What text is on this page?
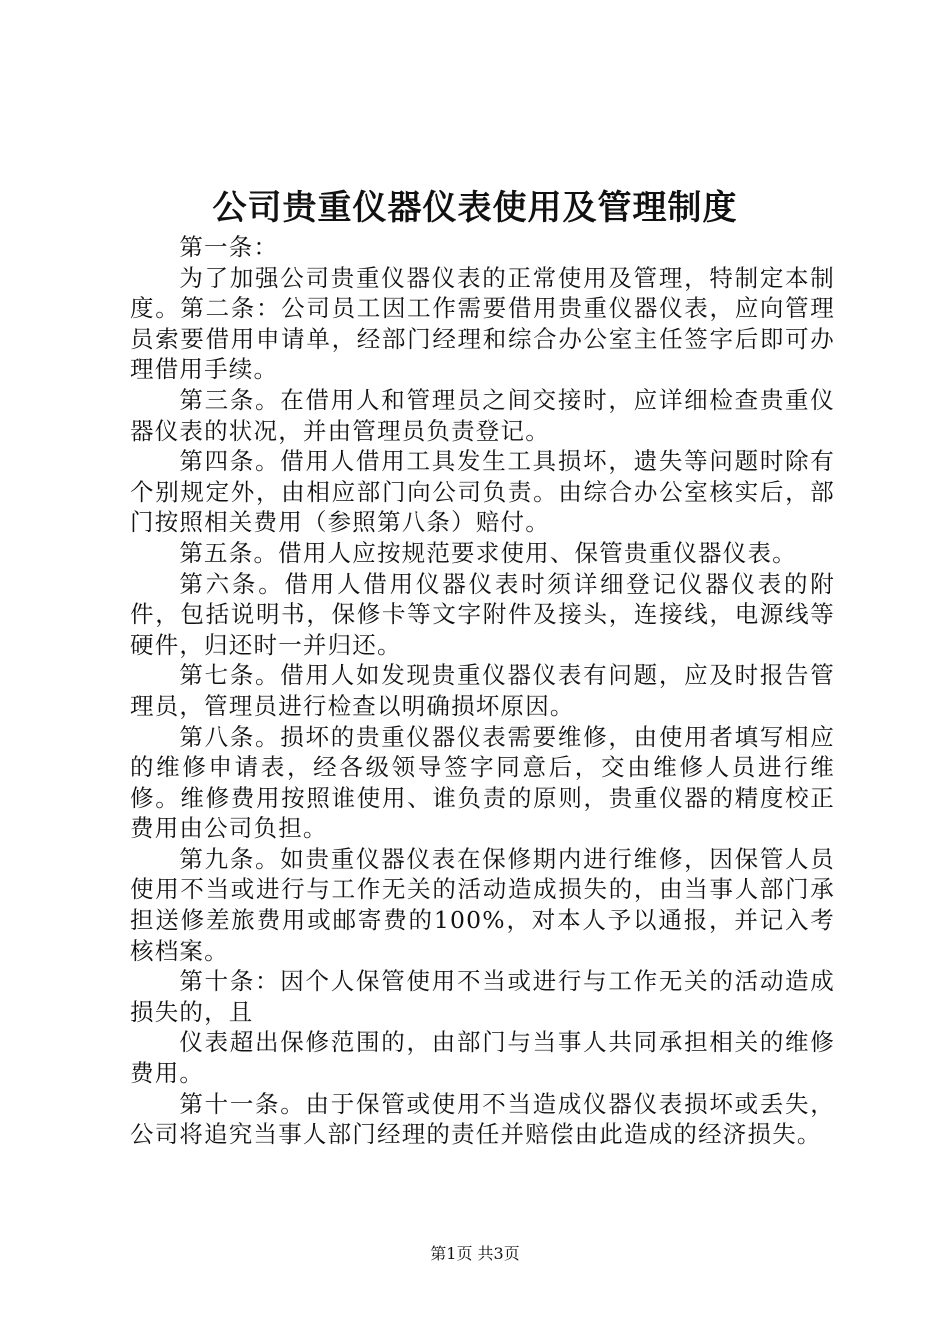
公司贵重仪器仪表使用及管理制度

第一条：

为了加强公司贵重仪器仪表的正常使用及管理，特制定本制度。第二条：公司员工因工作需要借用贵重仪器仪表，应向管理员索要借用申请单，经部门经理和综合办公室主任签字后即可办理借用手续。

第三条。在借用人和管理员之间交接时，应详细检查贵重仪器仪表的状况，并由管理员负责登记。

第四条。借用人借用工具发生工具损坏，遗失等问题时除有个别规定外，由相应部门向公司负责。由综合办公室核实后，部门按照相关费用（参照第八条）赔付。

第五条。借用人应按规范要求使用、保管贵重仪器仪表。

第六条。借用人借用仪器仪表时须详细登记仪器仪表的附件，包括说明书，保修卡等文字附件及接头，连接线，电源线等硬件，归还时一并归还。

第七条。借用人如发现贵重仪器仪表有问题，应及时报告管理员，管理员进行检查以明确损坏原因。

第八条。损坏的贵重仪器仪表需要维修，由使用者填写相应的维修申请表，经各级领导签字同意后，交由维修人员进行维修。维修费用按照谁使用、谁负责的原则，贵重仪器的精度校正费用由公司负担。

第九条。如贵重仪器仪表在保修期内进行维修，因保管人员使用不当或进行与工作无关的活动造成损失的，由当事人部门承担送修差旅费用或邮寄费的100%，对本人予以通报，并记入考核档案。

第十条：因个人保管使用不当或进行与工作无关的活动造成损失的，且

仪表超出保修范围的，由部门与当事人共同承担相关的维修费用。

第十一条。由于保管或使用不当造成仪器仪表损坏或丢失，公司将追究当事人部门经理的责任并赔偿由此造成的经济损失。

第1页 共3页
